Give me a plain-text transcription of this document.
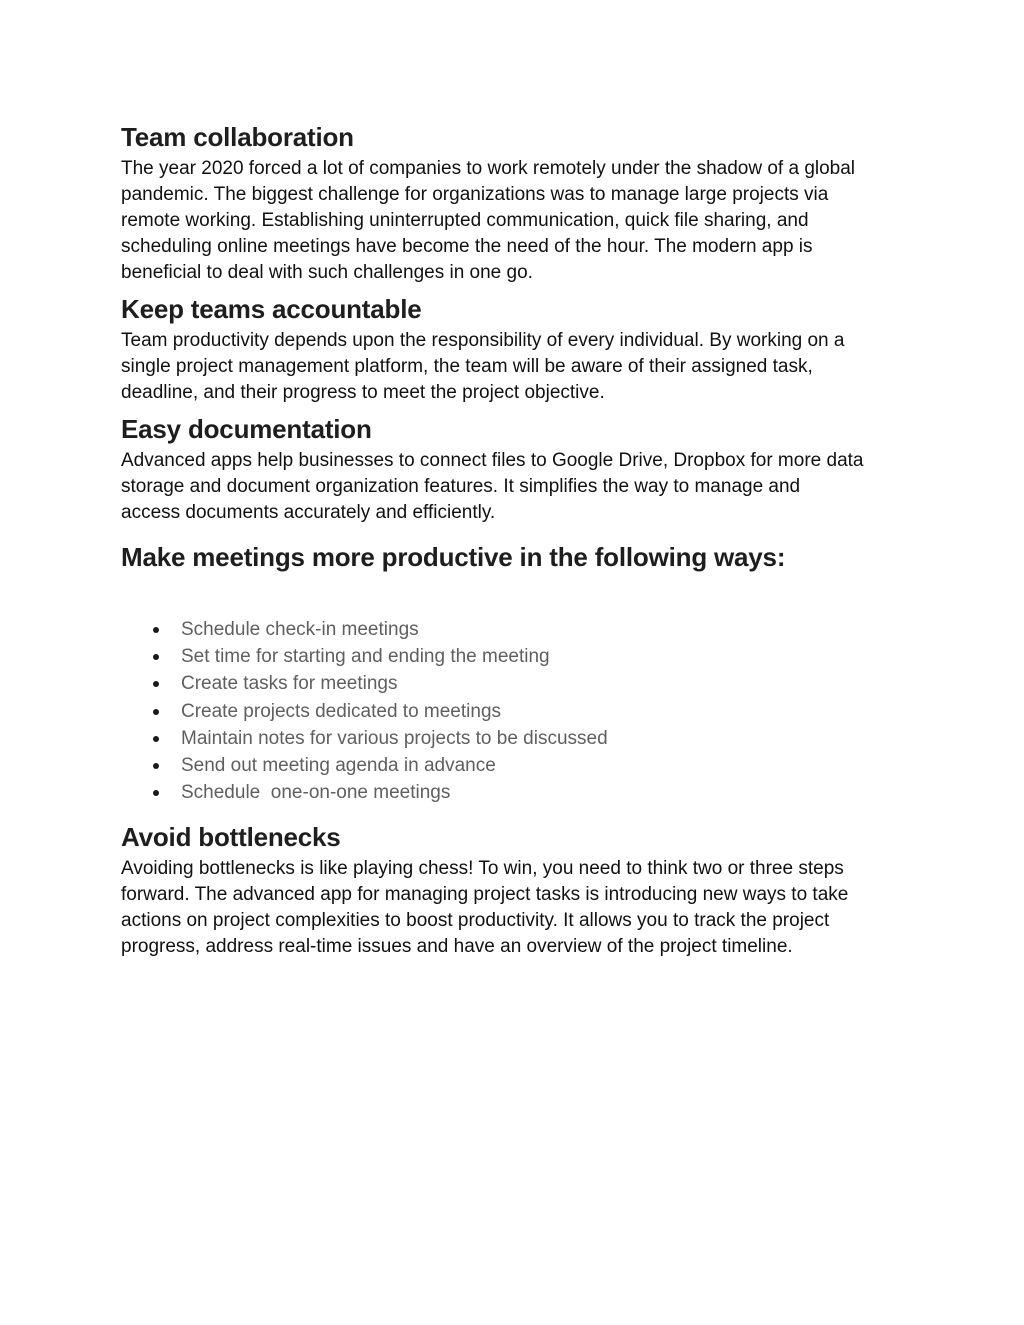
Team collaboration

The year 2020 forced a lot of companies to work remotely under the shadow of a global
pandemic. The biggest challenge for organizations was to manage large projects via
remote working. Establishing uninterrupted communication, quick file sharing, and
scheduling online meetings have become the need of the hour. The modern app is
beneficial to deal with such challenges in one go.

Keep teams accountable

Team productivity depends upon the responsibility of every individual. By working on a
single project management platform, the team will be aware of their assigned task,
deadline, and their progress to meet the project objective.

Easy documentation

Advanced apps help businesses to connect files to Google Drive, Dropbox for more data
storage and document organization features. It simplifies the way to manage and
access documents accurately and efficiently.

Make meetings more productive in the following ways:
Schedule check-in meetings
Set time for starting and ending the meeting
Create tasks for meetings
Create projects dedicated to meetings
Maintain notes for various projects to be discussed
Send out meeting agenda in advance
Schedule  one-on-one meetings
Avoid bottlenecks

Avoiding bottlenecks is like playing chess! To win, you need to think two or three steps
forward. The advanced app for managing project tasks is introducing new ways to take
actions on project complexities to boost productivity. It allows you to track the project
progress, address real-time issues and have an overview of the project timeline.
